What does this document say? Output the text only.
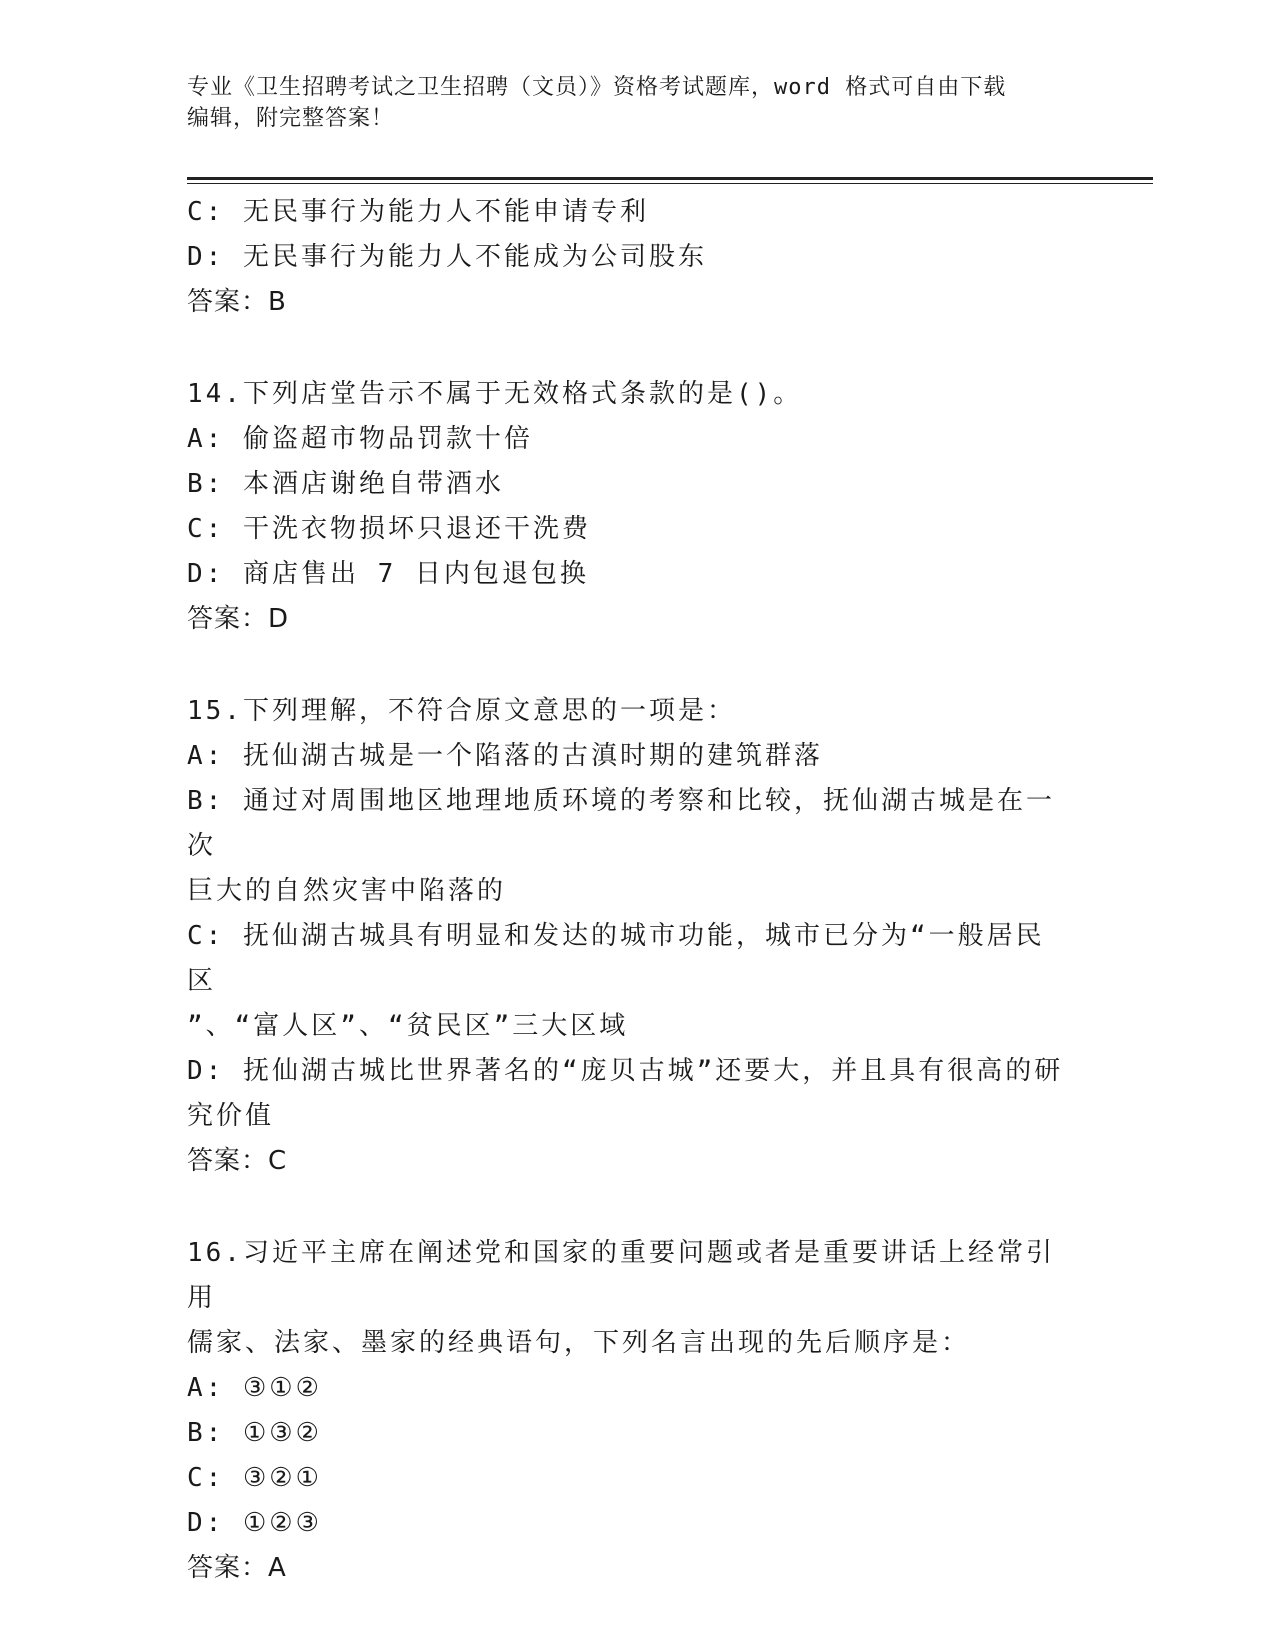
专业《卫生招聘考试之卫生招聘（文员）》资格考试题库，word 格式可自由下载
编辑，附完整答案！
C: 无民事行为能力人不能申请专利
D: 无民事行为能力人不能成为公司股东
答案：B
14.下列店堂告示不属于无效格式条款的是()。
A: 偷盗超市物品罚款十倍
B: 本酒店谢绝自带酒水
C: 干洗衣物损坏只退还干洗费
D: 商店售出 7 日内包退包换
答案：D
15.下列理解，不符合原文意思的一项是：
A: 抚仙湖古城是一个陷落的古滇时期的建筑群落
B: 通过对周围地区地理地质环境的考察和比较，抚仙湖古城是在一次
巨大的自然灾害中陷落的
C: 抚仙湖古城具有明显和发达的城市功能，城市已分为“一般居民区
”、“富人区”、“贫民区”三大区域
D: 抚仙湖古城比世界著名的“庞贝古城”还要大，并且具有很高的研
究价值
答案：C
16.习近平主席在阐述党和国家的重要问题或者是重要讲话上经常引用
儒家、法家、墨家的经典语句，下列名言出现的先后顺序是：
A: ③①②
B: ①③②
C: ③②①
D: ①②③
答案：A
